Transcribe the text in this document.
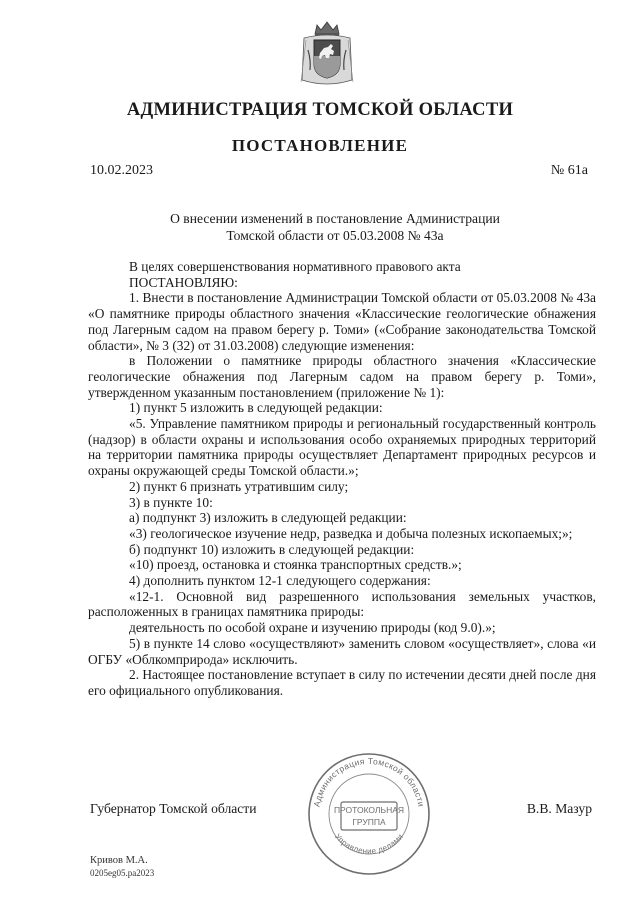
АДМИНИСТРАЦИЯ ТОМСКОЙ ОБЛАСТИ
ПОСТАНОВЛЕНИЕ
10.02.2023	№ 61а
О внесении изменений в постановление Администрации
Томской области от 05.03.2008 № 43а

В целях совершенствования нормативного правового акта

ПОСТАНОВЛЯЮ:

1. Внести в постановление Администрации Томской области от 05.03.2008 № 43а «О памятнике природы областного значения «Классические геологические обнажения под Лагерным садом на правом берегу р. Томи» («Собрание законодательства Томской области», № 3 (32) от 31.03.2008) следующие изменения:

в Положении о памятнике природы областного значения «Классические геологические обнажения под Лагерным садом на правом берегу р. Томи», утвержденном указанным постановлением (приложение № 1):

1) пункт 5 изложить в следующей редакции:

«5. Управление памятником природы и региональный государственный контроль (надзор) в области охраны и использования особо охраняемых природных территорий на территории памятника природы осуществляет Департамент природных ресурсов и охраны окружающей среды Томской области.»;

2) пункт 6 признать утратившим силу;

3) в пункте 10:

а) подпункт 3) изложить в следующей редакции:

«3) геологическое изучение недр, разведка и добыча полезных ископаемых;»;

б) подпункт 10) изложить в следующей редакции:

«10) проезд, остановка и стоянка транспортных средств.»;

4) дополнить пунктом 12-1 следующего содержания:

«12-1. Основной вид разрешенного использования земельных участков, расположенных в границах памятника природы:

деятельность по особой охране и изучению природы (код 9.0).»;

5) в пункте 14 слово «осуществляют» заменить словом «осуществляет», слова «и ОГБУ «Облкомприрода» исключить.

2. Настоящее постановление вступает в силу по истечении десяти дней после дня его официального опубликования.

Губернатор Томской области	В.В. Мазур
Администрация Томской области
Управление делами
ПРОТОКОЛЬНАЯ
ГРУППА
Кривов М.А.
0205eg05.ра2023
